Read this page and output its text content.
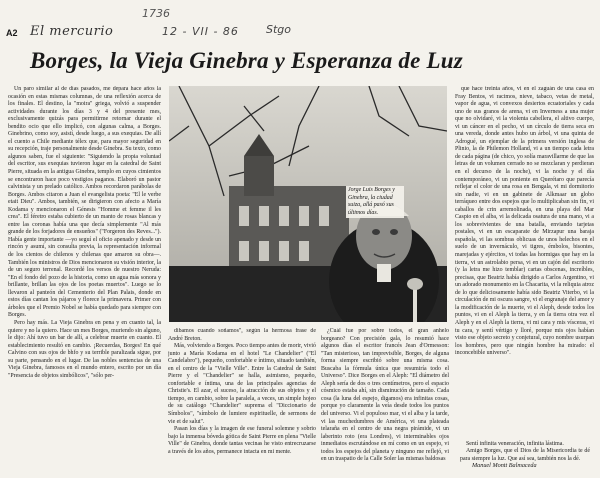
1736
A2 El mercurio	12 - VII - 86 Stgo
Borges, la Vieja Ginebra y Esperanza de Luz

Un paro similar al de días pasados, me depara hace años la ocasión en estas mismas columnas, de una reflexión acerca de los finales. El destino, la "moira" griega, volvió a suspender actividades durante los días 3 y 4 del presente mes, exclusivamente quizás para permitirme retornar durante el bendito ocio que ello implicó, con algunas calma, a Borges. Ginebrino, como soy, asistí, desde luego, a sus exequias. De allí el cuento a Chile mediante télex que, para mayor seguridad en su recepción, traje personalmente desde Ginebra. Su texto, como algunos saben, fue el siguiente: "Siguiendo la propia voluntad del escritor, sus exequias tuvieron lugar en la catedral de Saint Pierre, situada en la antigua Ginebra, templo en cuyos cimientos se encontraron hace poco vestigios paganos. Elaboró un pastor calvinista y un prelado católico. Ambos recordaron parábolas de Borges. Ambos citaron a Juan el evangelista poeta: "El le verbe etait Dieu". Ambos, también, se dirigieron con afecto a María Kodama y mencionaron el Génesis "Homme et femme il les crea". El féretro estaba cubierto de un manto de rosas blancas y entre las coronas había una que decía simplemente "Al más grande de los forjadores de ensueños" ("Forgeron des Reves..."). Había gente importante —yo seguí el oficio apenado y desde un rincón y asumí, sin consulta previa, la representación informal de los cientos de chilenos y chilenas que amaron su obra—. También los ministros de Dios mencionaron su visión interior, la de un seguro terrenal. Recordé los versos de nuestro Neruda: "En el fondo del pozo de la historia, como un agua más sonora y brillante, brillan las ojos de los poetas muertos". Luego se lo llevaron al panteón del Cementerio del Plan Palais, donde en estos días cantan los pájaros y florece la primavera. Primer con árboles que el Premio Nobel se había quedado para siempre con Borges.

Pero hay más. La Vieja Ginebra en pena y en cuanto tal, la quiere y no la quiero. Hace un mes Borges, muriendo sin alguno, le dijo: Ahí tuvo un bar de allí, a celebrar muerte en cuanto. El establecimiento resultó en cambio. ¡Recuerdas, Borges! En qué Calvino con sus ojos de bhfo y su terrible paralizada sigue, por su parte, pensando en el lugar. De las nobles sentencias de una Vieja Ginebra, famosos en el mundo entero, escrito por un día "Presencia de objetos simbólicos", "sólo per-

Jorge Luis Borges y Ginebra, la ciudad suiza, allá pasó sus últimos días.

dibamos cuando soñamos", según la hermosa frase de André Breton.

Más, volviendo a Borges. Poco tiempo antes de morir, vivió junto a María Kodama en el hotel "Le Chandelier" ("El Candelabro"), pequeño, confortable e íntimo, situado también, en el centro de la "Vielle Ville". Entre la Catedral de Saint Pierre y el "Chandelier" se halla, asimismo, pequeño, confortable e íntima, una de las principales agencias de Christie's. El azar, el suceso, la atracción de sus objetos y el tiempo, en cambio, sobre la paralela, a veces, un simple hojeo de su catálogo "Chandelier" suprema el "Diccionario de Símbolos", "símbolo de lumiere espirituelle, de sermons de vie et de salut".

Pasan los días y la imagen de ese funeral solemne y sobrio bajo la inmensa bóveda gótica de Saint Pierre en plena "Vielle Ville" de Ginebra, donde tantas vecinas he visto entrecruzarse a través de los años, permanece intacta en mi mente.

¿Cuál fue por sobre todos, el gran anhelo borgeano? Con precisión gala, lo resumió hace algunos días el escritor francés Jean d'Ormesson: "Tan misterioso, tan imprevisible, Borges, de alguna forma siempre escribió sobre una misma cosa. Buscaba la fórmula única que resumiría todo el Universo". Dice Borges en el Aleph: "El diámetro del Aleph sería de dos o tres centímetros, pero el espacio cósmico estaba ahí, sin disminución de tamaño. Cada cosa (la luna del espejo, digamos) era infinitas cosas, porque yo claramente la veía desde todos los puntos del universo. Vi el populoso mar, vi el alba y la tarde, vi las muchedumbres de América, vi una plateada telaraña en el centro de una negra pirámide, vi un laberinto roto (era Londres), vi interminables ojos inmediatos escrutándose en mí como en un espejo, vi todos los espejos del planeta y ninguno me reflejó, vi en un traspatio de la Calle Soler las mismas baldosas

que hace treinta años, vi en el zaguán de una casa en Fray Bentos, vi racimos, nieve, tabaco, vetas de metal, vapor de agua, vi convexos desiertos ecuatoriales y cada uno de sus granos de arena, vi en Inverness a una mujer que no olvidaré, vi la violenta cabellera, el altivo cuerpo, vi un cáncer en el pecho, vi un círculo de tierra seca en una vereda, donde antes hubo un árbol, vi una quinta de Adrogué, un ejemplar de la primera versión inglesa de Plinio, la de Philemon Holland, vi a un tiempo cada letra de cada página (de chico, yo solía maravillarme de que las letras de un volumen cerrado no se mezclaran y perdieran en el decurso de la noche), vi la noche y el día contemporáneo, vi un poniente en Querétaro que parecía reflejar el color de una rosa en Bengala, vi mi dormitorio sin nadie, vi en un gabinete de Alkmaar un globo terráqueo entre dos espejos que lo multiplicaban sin fin, vi caballos de crin arremolinada, en una playa del Mar Caspio en el alba, vi la delicada osatura de una mano, vi a los sobrevivientes de una batalla, enviando tarjetas postales, vi en un escaparate de Mirzapur una baraja española, vi las sombras oblicuas de unos helechos en el suelo de un invernáculo, vi tigres, émbolos, bisontes, marejadas y ejércitos, vi todas las hormigas que hay en la tierra, vi un astrolabio persa, vi en un cajón del escritorio (y la letra me hizo temblar) cartas obscenas, increíbles, precisas, que Beatriz había dirigido a Carlos Argentino, vi un adorado monumento en la Chacarita, vi la reliquia atroz de lo que deliciosamente había sido Beatriz Viterbo, vi la circulación de mi oscura sangre, vi el engranaje del amor y la modificación de la muerte, vi el Aleph, desde todos los puntos, vi en el Aleph la tierra, y en la tierra otra vez el Aleph y en el Aleph la tierra, vi mi cara y mis vísceras, vi tu cara, y sentí vértigo y lloré, porque mis ojos habían visto ese objeto secreto y conjetural, cuyo nombre usurpan los hombres, pero que ningún hombre ha mirado: el inconcebible universo".

Sentí infinita veneración, infinita lástima.
Amigo Borges, que el Dios de la Misericordia te dé para siempre la luz. Que así sea, también nos la dé.
Manuel Montt Balmaceda
